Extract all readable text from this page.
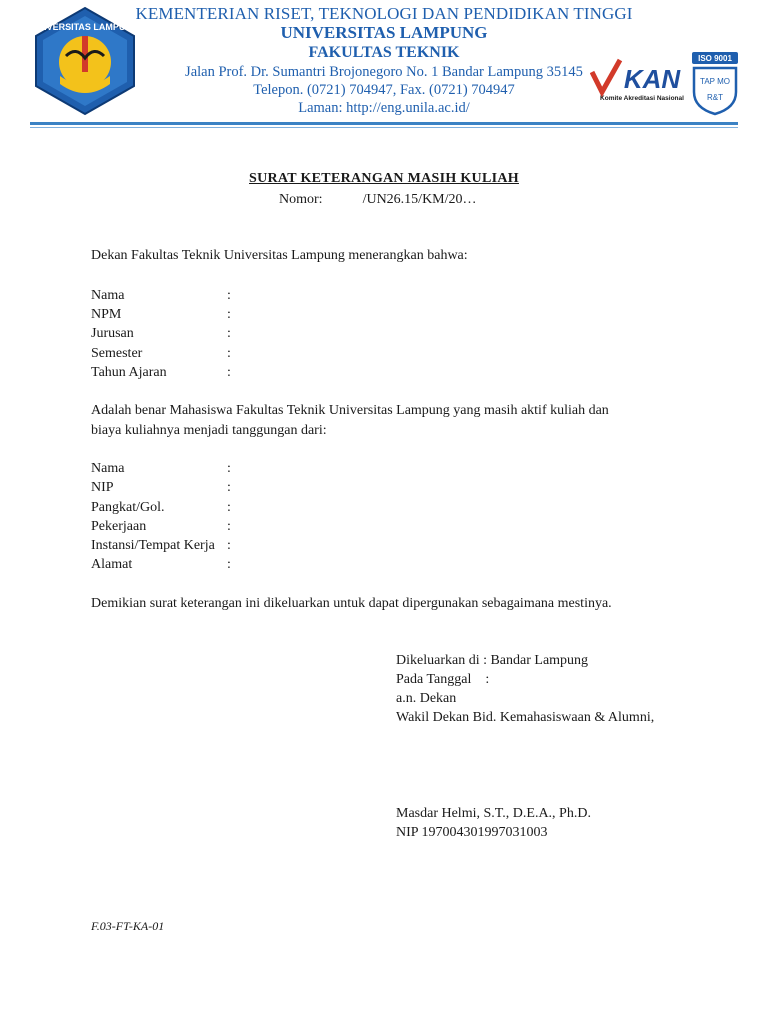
UNIVERSITAS LAMPUNG
KEMENTERIAN RISET, TEKNOLOGI DAN PENDIDIKAN TINGGI
UNIVERSITAS LAMPUNG
FAKULTAS TEKNIK
Jalan Prof. Dr. Sumantri Brojonegoro No. 1 Bandar Lampung 35145
Telepon. (0721) 704947, Fax. (0721) 704947
Laman: http://eng.unila.ac.id/
KAN
Komite Akreditasi Nasional
ISO 9001
TAP MO
R&T
SURAT KETERANGAN MASIH KULIAH
Nomor:	/UN26.15/KM/20…
Dekan Fakultas Teknik Universitas Lampung menerangkan bahwa:
Nama	:
NPM	:
Jurusan	:
Semester	:
Tahun Ajaran	:
Adalah benar Mahasiswa Fakultas Teknik Universitas Lampung yang masih aktif kuliah dan
biaya kuliahnya menjadi tanggungan dari:
Nama	:
NIP	:
Pangkat/Gol.	:
Pekerjaan	:
Instansi/Tempat Kerja :
Alamat	:
Demikian surat keterangan ini dikeluarkan untuk dapat dipergunakan sebagaimana mestinya.
Dikeluarkan di : Bandar Lampung
Pada Tanggal    :
a.n. Dekan
Wakil Dekan Bid. Kemahasiswaan & Alumni,
Masdar Helmi, S.T., D.E.A., Ph.D.
NIP 197004301997031003
F.03-FT-KA-01
